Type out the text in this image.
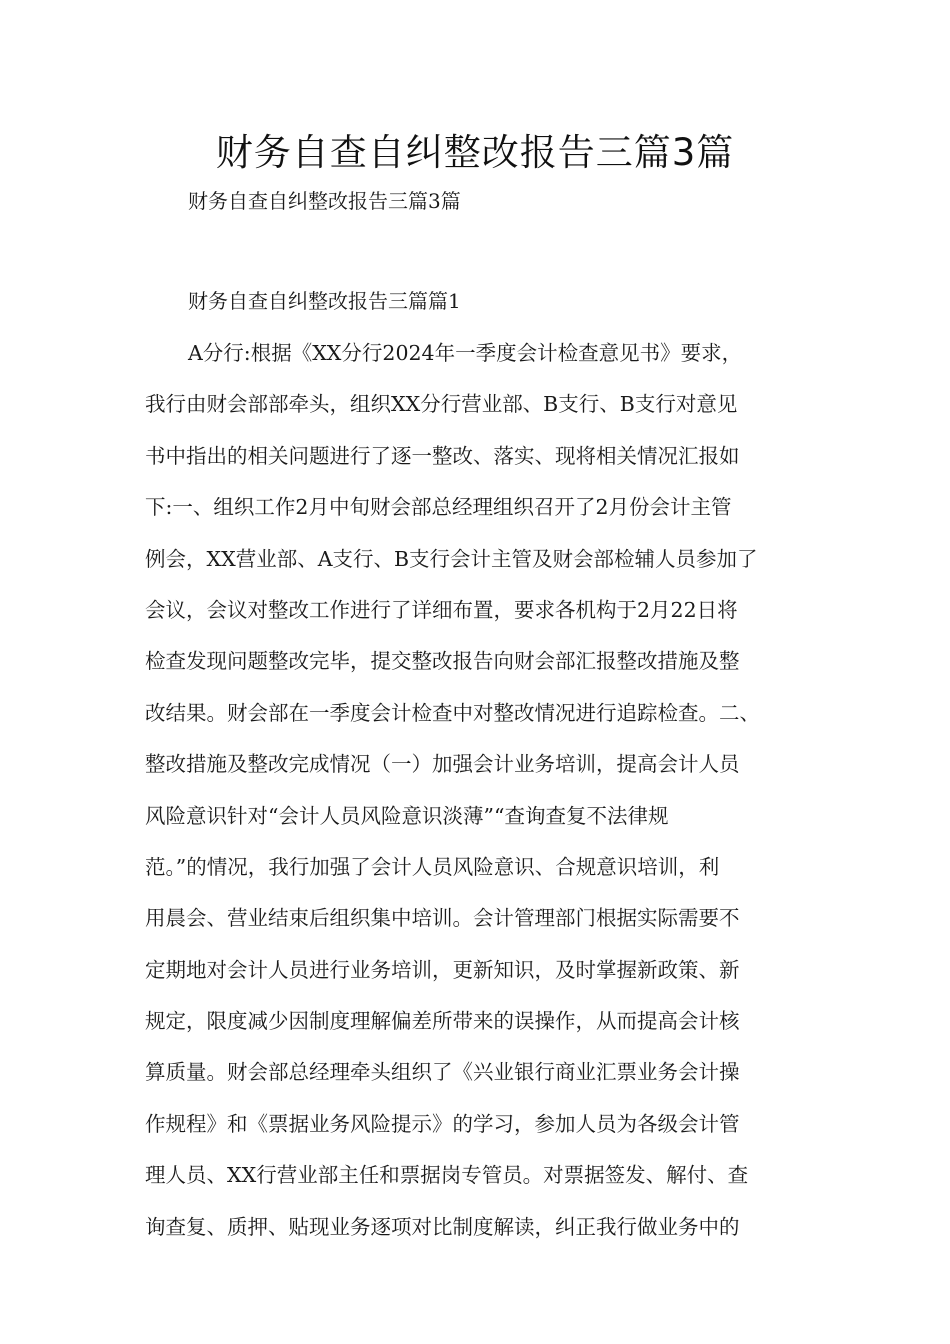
财务自查自纠整改报告三篇3篇
财务自查自纠整改报告三篇3篇
财务自查自纠整改报告三篇篇1
A分行:根据《XX分行2024年一季度会计检查意见书》要求，
我行由财会部部牵头，组织XX分行营业部、B支行、B支行对意见
书中指出的相关问题进行了逐一整改、落实、现将相关情况汇报如
下:一、组织工作2月中旬财会部总经理组织召开了2月份会计主管
例会，XX营业部、A支行、B支行会计主管及财会部检辅人员参加了
会议，会议对整改工作进行了详细布置，要求各机构于2月22日将
检查发现问题整改完毕，提交整改报告向财会部汇报整改措施及整
改结果。财会部在一季度会计检查中对整改情况进行追踪检查。二、
整改措施及整改完成情况（一）加强会计业务培训，提高会计人员
风险意识针对“会计人员风险意识淡薄”“查询查复不法律规
范。”的情况，我行加强了会计人员风险意识、合规意识培训，利
用晨会、营业结束后组织集中培训。会计管理部门根据实际需要不
定期地对会计人员进行业务培训，更新知识，及时掌握新政策、新
规定，限度减少因制度理解偏差所带来的误操作，从而提高会计核
算质量。财会部总经理牵头组织了《兴业银行商业汇票业务会计操
作规程》和《票据业务风险提示》的学习，参加人员为各级会计管
理人员、XX行营业部主任和票据岗专管员。对票据签发、解付、查
询查复、质押、贴现业务逐项对比制度解读，纠正我行做业务中的
